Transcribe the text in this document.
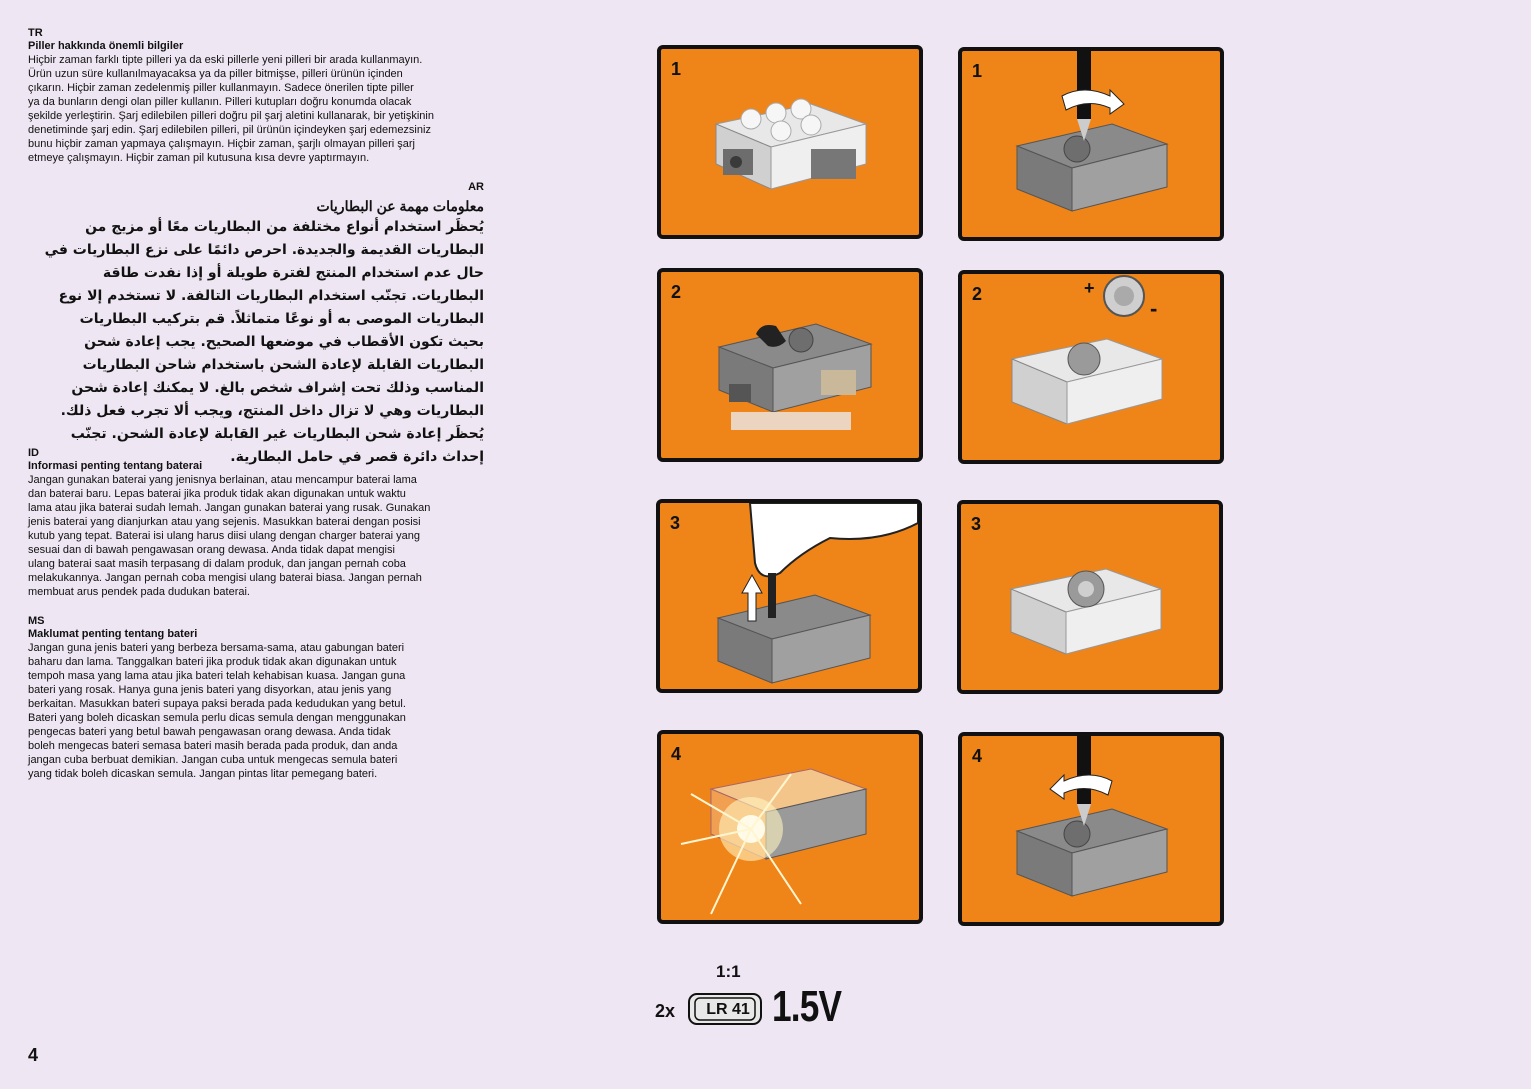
TR
Piller hakkında önemli bilgiler
Hiçbir zaman farklı tipte pilleri ya da eski pillerle yeni pilleri bir arada kullanmayın.
Ürün uzun süre kullanılmayacaksa ya da piller bitmişse, pilleri ürünün içinden
çıkarın. Hiçbir zaman zedelenmiş piller kullanmayın. Sadece önerilen tipte piller
ya da bunların dengi olan piller kullanın. Pilleri kutupları doğru konumda olacak
şekilde yerleştirin. Şarj edilebilen pilleri doğru pil şarj aletini kullanarak, bir yetişkinin
denetiminde şarj edin. Şarj edilebilen pilleri, pil ürünün içindeyken şarj edemezsiniz
bunu hiçbir zaman yapmaya çalışmayın. Hiçbir zaman, şarjlı olmayan pilleri şarj
etmeye çalışmayın. Hiçbir zaman pil kutusuna kısa devre yaptırmayın.
AR
معلومات مهمة عن البطاريات
يُحظَر استخدام أنواع مختلفة من البطاريات معًا أو مزيج من البطاريات القديمة والجديدة. احرص دائمًا على نزع البطاريات في حال عدم استخدام المنتج لفترة طويلة أو إذا نفدت طاقة البطاريات. تجنّب استخدام البطاريات التالفة. لا تستخدم إلا نوع البطاريات الموصى به أو نوعًا متماثلاً. قم بتركيب البطاريات بحيث تكون الأقطاب في موضعها الصحيح. يجب إعادة شحن البطاريات القابلة لإعادة الشحن باستخدام شاحن البطاريات المناسب وذلك تحت إشراف شخص بالغ. لا يمكنك إعادة شحن البطاريات وهي لا تزال داخل المنتج، ويجب ألا تجرب فعل ذلك. يُحظَر إعادة شحن البطاريات غير القابلة لإعادة الشحن. تجنّب إحداث دائرة قصر في حامل البطارية.
ID
Informasi penting tentang baterai
Jangan gunakan baterai yang jenisnya berlainan, atau mencampur baterai lama
dan baterai baru. Lepas baterai jika produk tidak akan digunakan untuk waktu
lama atau jika baterai sudah lemah. Jangan gunakan baterai yang rusak. Gunakan
jenis baterai yang dianjurkan atau yang sejenis. Masukkan baterai dengan posisi
kutub yang tepat. Baterai isi ulang harus diisi ulang dengan charger baterai yang
sesuai dan di bawah pengawasan orang dewasa. Anda tidak dapat mengisi
ulang baterai saat masih terpasang di dalam produk, dan jangan pernah coba
melakukannya. Jangan pernah coba mengisi ulang baterai biasa. Jangan pernah
membuat arus pendek pada dudukan baterai.
MS
Maklumat penting tentang bateri
Jangan guna jenis bateri yang berbeza bersama-sama, atau gabungan bateri
baharu dan lama. Tanggalkan bateri jika produk tidak akan digunakan untuk
tempoh masa yang lama atau jika bateri telah kehabisan kuasa. Jangan guna
bateri yang rosak. Hanya guna jenis bateri yang disyorkan, atau jenis yang
berkaitan. Masukkan bateri supaya paksi berada pada kedudukan yang betul.
Bateri yang boleh dicaskan semula perlu dicas semula dengan menggunakan
pengecas bateri yang betul bawah pengawasan orang dewasa. Anda tidak
boleh mengecas bateri semasa bateri masih berada pada produk, dan anda
jangan cuba berbuat demikian. Jangan cuba untuk mengecas semula bateri
yang tidak boleh dicaskan semula. Jangan pintas litar pemegang bateri.
4
1
2
3
4
1
2	+
-
3
4
1:1
2x	LR 41 1.5V
